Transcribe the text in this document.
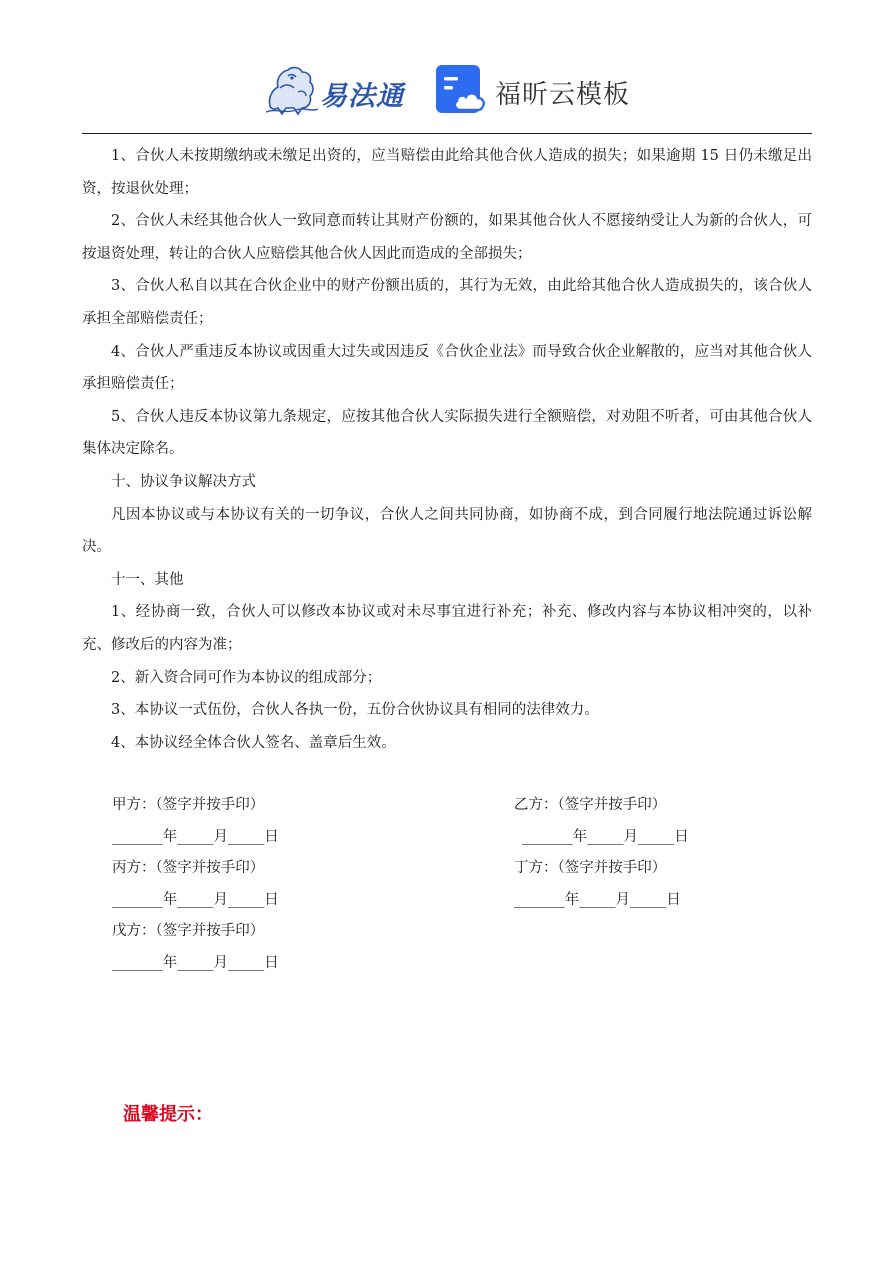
易法通	福昕云模板

1、合伙人未按期缴纳或未缴足出资的，应当赔偿由此给其他合伙人造成的损失；如果逾期 15 日仍未缴足出资，按退伙处理；

2、合伙人未经其他合伙人一致同意而转让其财产份额的，如果其他合伙人不愿接纳受让人为新的合伙人，可按退资处理，转让的合伙人应赔偿其他合伙人因此而造成的全部损失；

3、合伙人私自以其在合伙企业中的财产份额出质的，其行为无效，由此给其他合伙人造成损失的，该合伙人承担全部赔偿责任；

4、合伙人严重违反本协议或因重大过失或因违反《合伙企业法》而导致合伙企业解散的，应当对其他合伙人承担赔偿责任；

5、合伙人违反本协议第九条规定，应按其他合伙人实际损失进行全额赔偿，对劝阻不听者，可由其他合伙人集体决定除名。

十、协议争议解决方式

凡因本协议或与本协议有关的一切争议，合伙人之间共同协商，如协商不成，到合同履行地法院通过诉讼解决。

十一、其他

1、经协商一致，合伙人可以修改本协议或对未尽事宜进行补充；补充、修改内容与本协议相冲突的，以补充、修改后的内容为准；

2、新入资合同可作为本协议的组成部分；

3、本协议一式伍份，合伙人各执一份，五份合伙协议具有相同的法律效力。

4、本协议经全体合伙人签名、盖章后生效。

甲方：（签字并按手印）
_______年_____月_____日
乙方：（签字并按手印）
_______年_____月_____日
丙方：（签字并按手印）
_______年_____月_____日
丁方：（签字并按手印）
_______年_____月_____日
戊方：（签字并按手印）
_______年_____月_____日
温馨提示：
